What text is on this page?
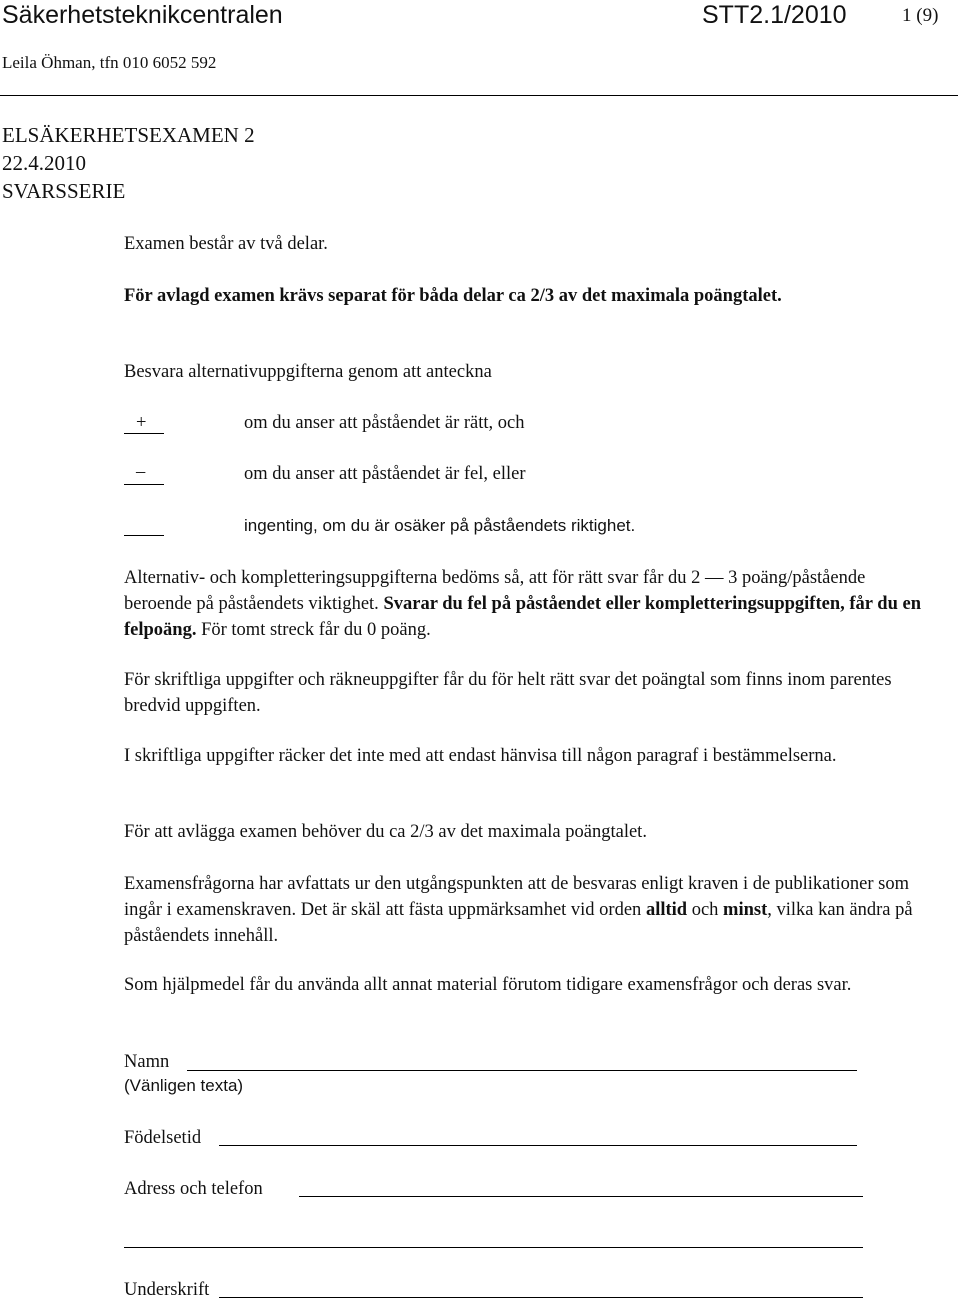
Säkerhetsteknikcentralen	STT2.1/2010	1 (9)
Leila Öhman, tfn 010 6052 592
ELSÄKERHETSEXAMEN 2
22.4.2010
SVARSSERIE
Examen består av två delar.
För avlagd examen krävs separat för båda delar ca 2/3 av det maximala poängtalet.
Besvara alternativuppgifterna genom att anteckna
+	om du anser att påståendet är rätt, och
–	om du anser att påståendet är fel, eller
ingenting, om du är osäker på påståendets riktighet.
Alternativ- och kompletteringsuppgifterna bedöms så, att för rätt svar får du 2 — 3 poäng/påstående beroende på påståendets viktighet. Svarar du fel på påståendet eller kompletteringsuppgiften, får du en felpoäng. För tomt streck får du 0 poäng.
För skriftliga uppgifter och räkneuppgifter får du för helt rätt svar det poängtal som finns inom parentes bredvid uppgiften.
I skriftliga uppgifter räcker det inte med att endast hänvisa till någon paragraf i bestämmelserna.
För att avlägga examen behöver du ca 2/3 av det maximala poängtalet.
Examensfrågorna har avfattats ur den utgångspunkten att de besvaras enligt kraven i de publikationer som ingår i examenskraven. Det är skäl att fästa uppmärksamhet vid orden alltid och minst, vilka kan ändra på påståendets innehåll.
Som hjälpmedel får du använda allt annat material förutom tidigare examensfrågor och deras svar.
Namn
(Vänligen texta)
Födelsetid
Adress och telefon
Underskrift
